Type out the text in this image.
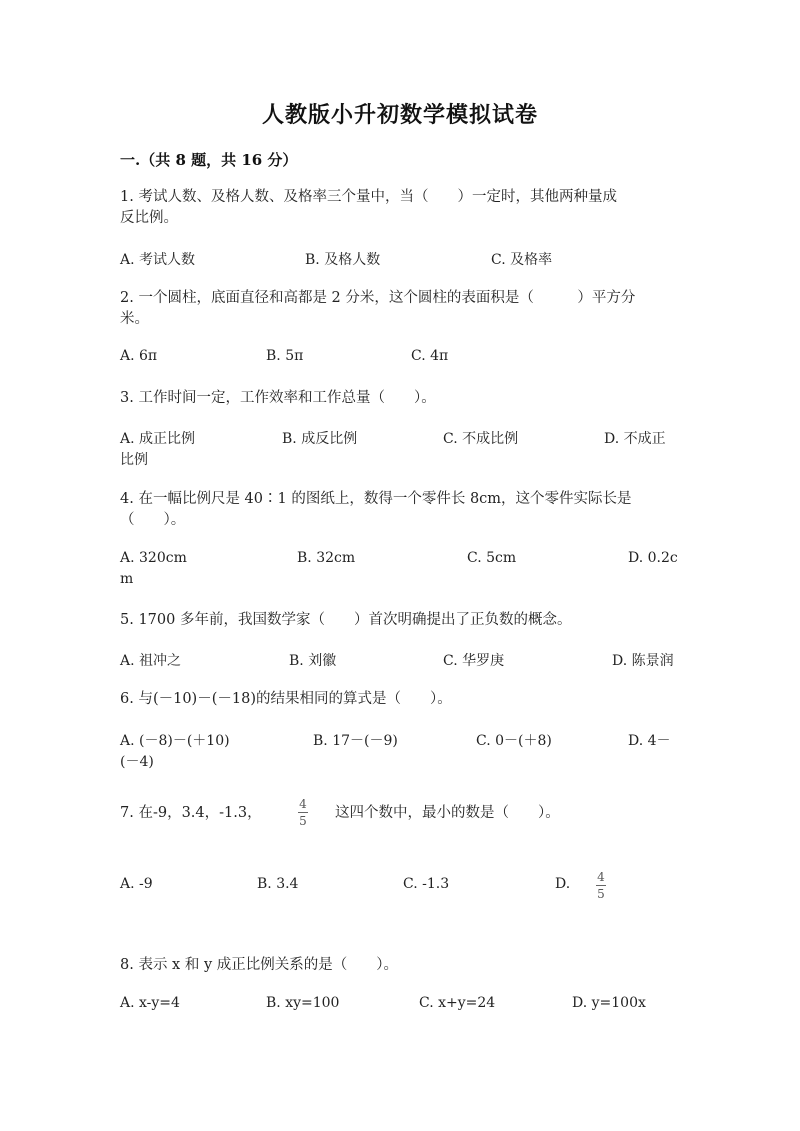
人教版小升初数学模拟试卷
一.（共 8 题，共 16 分）
1. 考试人数、及格人数、及格率三个量中，当（　　）一定时，其他两种量成
反比例。
A. 考试人数	B. 及格人数	C. 及格率
2. 一个圆柱，底面直径和高都是 2 分米，这个圆柱的表面积是（　　　）平方分
米。
A. 6π	B. 5π	C. 4π
3. 工作时间一定，工作效率和工作总量（　　）。
A. 成正比例	B. 成反比例	C. 不成比例	D. 不成正
比例
4. 在一幅比例尺是 40∶1 的图纸上，数得一个零件长 8cm，这个零件实际长是
（　　）。
A. 320cm	B. 32cm	C. 5cm	D. 0.2c
m
5. 1700 多年前，我国数学家（　　）首次明确提出了正负数的概念。
A. 祖冲之	B. 刘徽	C. 华罗庚	D. 陈景润
6. 与(－10)－(－18)的结果相同的算式是（　　）。
A. (－8)－(＋10)	B. 17－(－9)	C. 0－(＋8)	D. 4－
(－4)
7. 在-9，3.4，-1.3，
4
5 这四个数中，最小的数是（　　）。
A. -9	B. 3.4	C. -1.3	D. 4
5
8. 表示 x 和 y 成正比例关系的是（　　）。
A. x-y=4	B. xy=100	C. x+y=24	D. y=100x
